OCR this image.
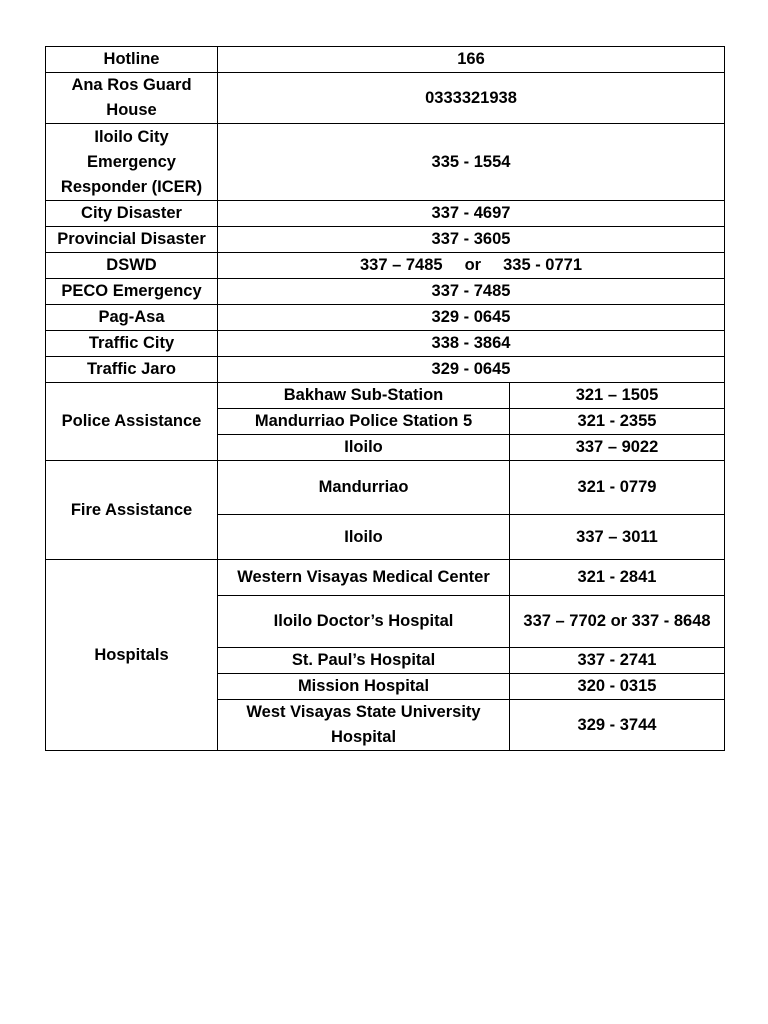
Hotline	166	
Ana Ros Guard House	0333321938	
Iloilo City Emergency Responder (ICER)	335 - 1554	
City Disaster	337 - 4697	
Provincial Disaster	337 - 3605	
DSWD	337 – 7485 or 335 - 0771	
PECO Emergency	337 - 7485	
Pag-Asa	329 - 0645	
Traffic City	338 - 3864	
Traffic Jaro	329 - 0645	
Police Assistance	Bakhaw Sub-Station	321 – 1505
	Mandurriao Police Station 5	321 - 2355
	Iloilo	337 – 9022
Fire Assistance	Mandurriao	321 - 0779
	Iloilo	337 – 3011
Hospitals	Western Visayas Medical Center	321 - 2841
	Iloilo Doctor’s Hospital	337 – 7702 or 337 - 8648
	St. Paul’s Hospital	337 - 2741
	Mission Hospital	320 - 0315
	West Visayas State University Hospital	329 - 3744
